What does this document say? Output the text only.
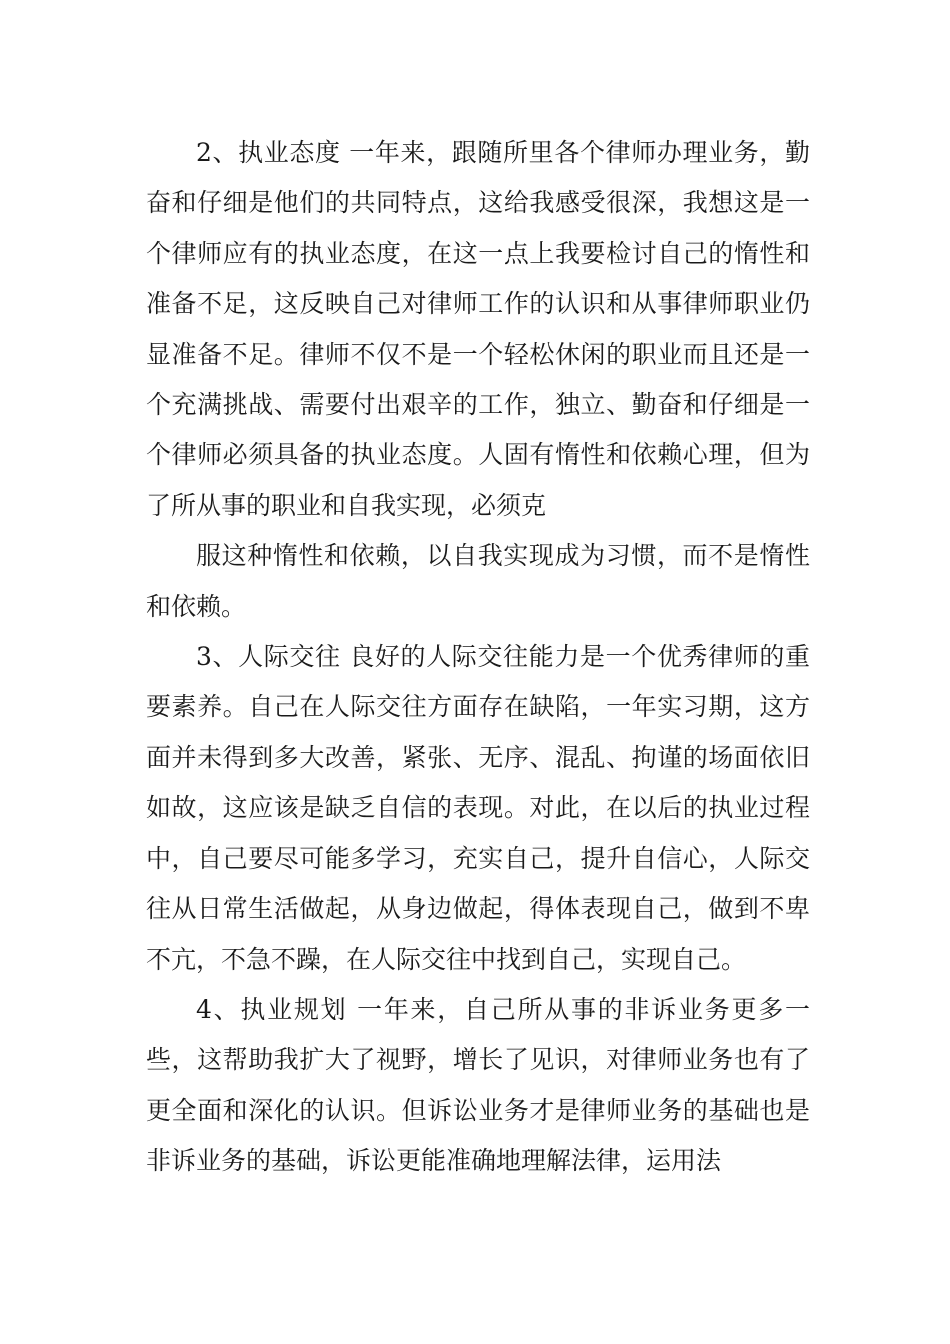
2、执业态度 一年来，跟随所里各个律师办理业务，勤奋和仔细是他们的共同特点，这给我感受很深，我想这是一个律师应有的执业态度，在这一点上我要检讨自己的惰性和准备不足，这反映自己对律师工作的认识和从事律师职业仍显准备不足。律师不仅不是一个轻松休闲的职业而且还是一个充满挑战、需要付出艰辛的工作，独立、勤奋和仔细是一个律师必须具备的执业态度。人固有惰性和依赖心理，但为了所从事的职业和自我实现，必须克

服这种惰性和依赖，以自我实现成为习惯，而不是惰性和依赖。

3、人际交往 良好的人际交往能力是一个优秀律师的重要素养。自己在人际交往方面存在缺陷，一年实习期，这方面并未得到多大改善，紧张、无序、混乱、拘谨的场面依旧如故，这应该是缺乏自信的表现。对此，在以后的执业过程中，自己要尽可能多学习，充实自己，提升自信心，人际交往从日常生活做起，从身边做起，得体表现自己，做到不卑不亢，不急不躁，在人际交往中找到自己，实现自己。

4、执业规划 一年来，自己所从事的非诉业务更多一些，这帮助我扩大了视野，增长了见识，对律师业务也有了更全面和深化的认识。但诉讼业务才是律师业务的基础也是非诉业务的基础，诉讼更能准确地理解法律，运用法
